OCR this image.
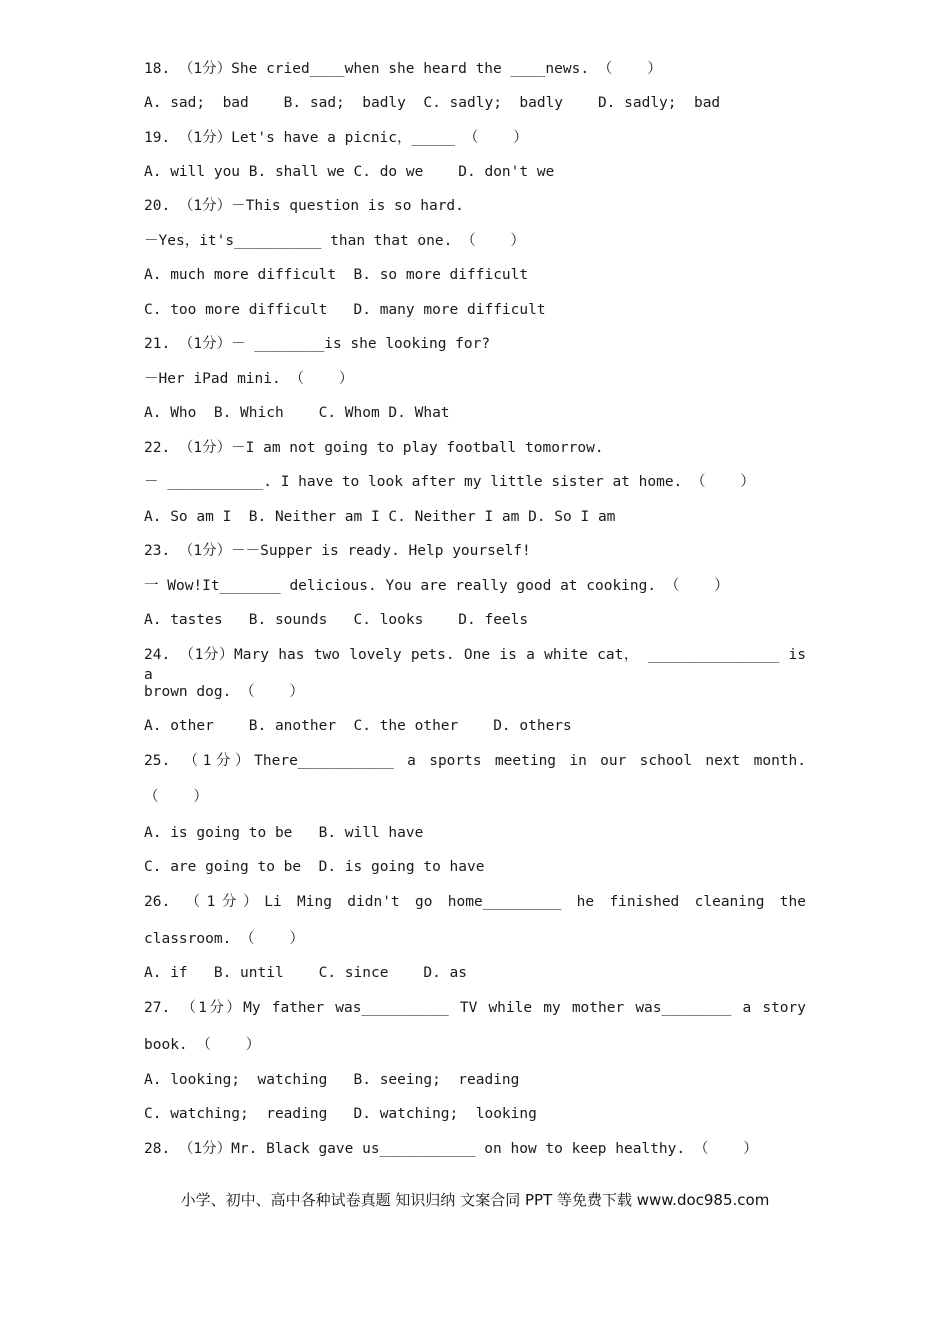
18. （1分）She cried____when she heard the ____news. （    ）
A. sad;  bad    B. sad;  badly  C. sadly;  badly    D. sadly;  bad
19. （1分）Let's have a picnic，_____ （    ）
A. will you B. shall we C. do we    D. don't we
20. （1分）－This question is so hard.
－Yes，it's__________ than that one. （    ）
A. much more difficult  B. so more difficult
C. too more difficult   D. many more difficult
21. （1分）－ ________is she looking for?
－Her iPad mini. （    ）
A. Who  B. Which    C. Whom D. What
22. （1分）－I am not going to play football tomorrow.
－ ___________. I have to look after my little sister at home. （    ）
A. So am I  B. Neither am I C. Neither I am D. So I am
23. （1分）－－Supper is ready. Help yourself!
一 Wow!It_______ delicious. You are really good at cooking. （    ）
A. tastes   B. sounds   C. looks    D. feels
24. （1分）Mary has two lovely pets. One is a white cat， _______________ is a
brown dog. （    ）
A. other    B. another  C. the other    D. others
25. （1分）There___________ a sports meeting in our school next month.
（    ）
A. is going to be   B. will have
C. are going to be  D. is going to have
26. （1分）Li Ming didn't go home_________ he finished cleaning the
classroom. （    ）
A. if   B. until    C. since    D. as
27. （1分）My father was__________ TV while my mother was________ a story
book. （    ）
A. looking;  watching   B. seeing;  reading
C. watching;  reading   D. watching;  looking
28. （1分）Mr. Black gave us___________ on how to keep healthy. （    ）
小学、初中、高中各种试卷真题 知识归纳 文案合同 PPT 等免费下载 www.doc985.com
